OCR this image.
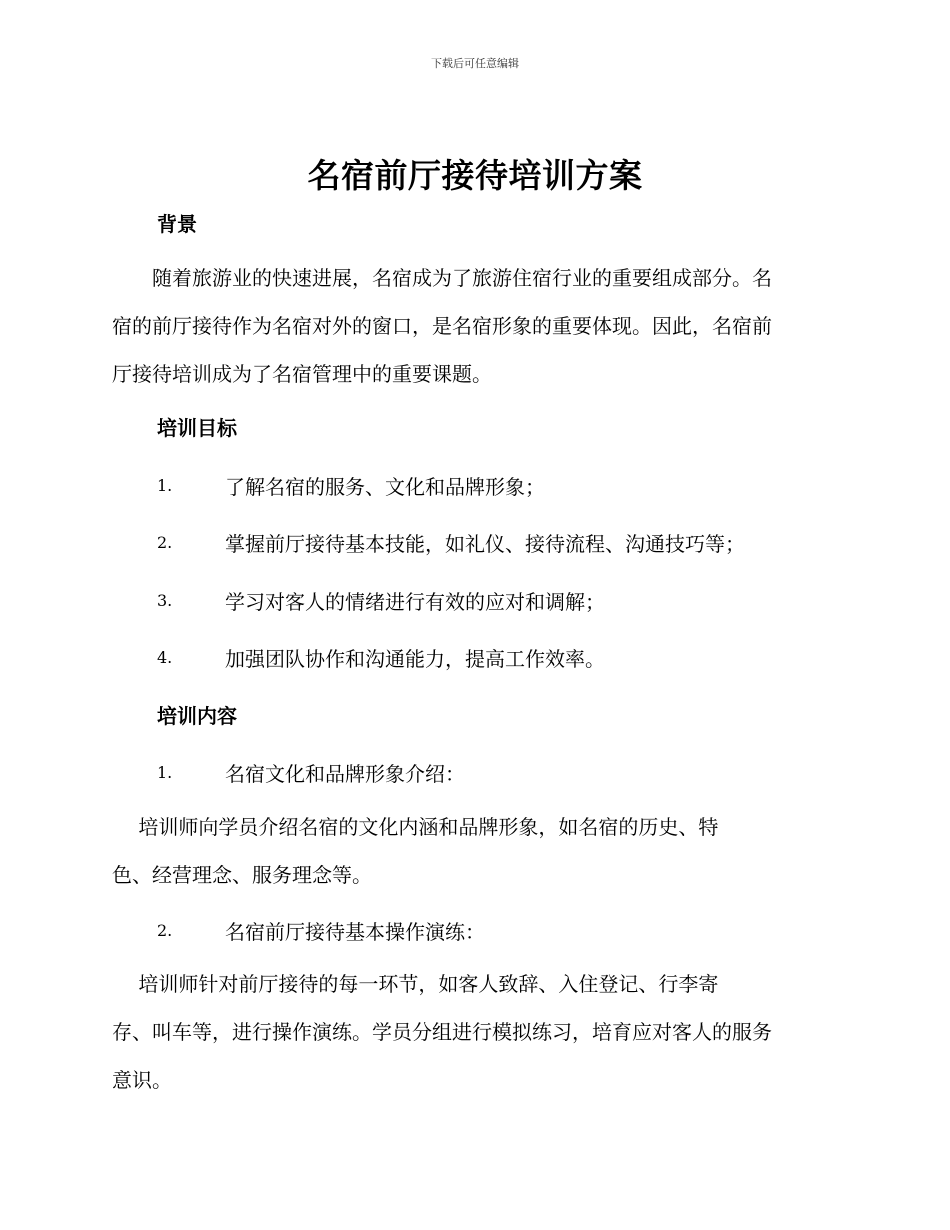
下载后可任意编辑
名宿前厅接待培训方案
背景
　　随着旅游业的快速进展，名宿成为了旅游住宿行业的重要组成部分。名
宿的前厅接待作为名宿对外的窗口，是名宿形象的重要体现。因此，名宿前
厅接待培训成为了名宿管理中的重要课题。
培训目标
1.	了解名宿的服务、文化和品牌形象；
2.	掌握前厅接待基本技能，如礼仪、接待流程、沟通技巧等；
3.	学习对客人的情绪进行有效的应对和调解；
4.	加强团队协作和沟通能力，提高工作效率。
培训内容
1.	名宿文化和品牌形象介绍：
　 培训师向学员介绍名宿的文化内涵和品牌形象，如名宿的历史、特
色、经营理念、服务理念等。
2.	名宿前厅接待基本操作演练：
　 培训师针对前厅接待的每一环节，如客人致辞、入住登记、行李寄
存、叫车等，进行操作演练。学员分组进行模拟练习，培育应对客人的服务
意识。
